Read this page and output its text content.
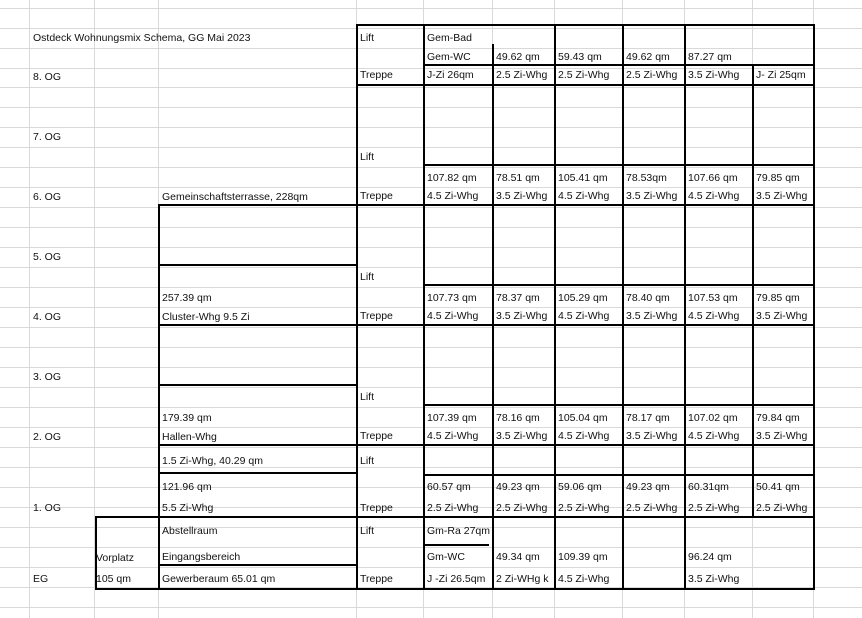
Ostdeck Wohnungsmix Schema, GG Mai 2023
8. OG
7. OG
6. OG
5. OG
4. OG
3. OG
2. OG
1. OG
EG
Lift
Treppe
Lift
Treppe
Lift
Treppe
Lift
Treppe
Lift
Treppe
Lift
Treppe
Gem-Bad
Gem-WC
J-Zi 26qm
49.62 qm
2.5 Zi-Whg
59.43 qm
2.5 Zi-Whg
49.62 qm
2.5 Zi-Whg
87.27 qm
3.5 Zi-Whg J- Zi 25qm
Gemeinschaftsterrasse, 228qm
107.82 qm
4.5 Zi-Whg
78.51 qm
3.5 Zi-Whg
105.41 qm
4.5 Zi-Whg
78.53qm
3.5 Zi-Whg
107.66 qm
4.5 Zi-Whg
79.85 qm
3.5 Zi-Whg
257.39 qm
Cluster-Whg 9.5 Zi
107.73 qm
4.5 Zi-Whg
78.37 qm
3.5 Zi-Whg
105.29 qm
4.5 Zi-Whg
78.40 qm
3.5 Zi-Whg
107.53 qm
4.5 Zi-Whg
79.85 qm
3.5 Zi-Whg
179.39 qm
Hallen-Whg
107.39 qm
4.5 Zi-Whg
78.16 qm
3.5 Zi-Whg
105.04 qm
4.5 Zi-Whg
78.17 qm
3.5 Zi-Whg
107.02 qm
4.5 Zi-Whg
79.84 qm
3.5 Zi-Whg
1.5 Zi-Whg, 40.29 qm
121.96 qm
5.5 Zi-Whg
60.57 qm
2.5 Zi-Whg
49.23 qm
2.5 Zi-Whg
59.06 qm
2.5 Zi-Whg
49.23 qm
2.5 Zi-Whg
60.31qm
2.5 Zi-Whg
50.41 qm
2.5 Zi-Whg
Vorplatz
105 qm
Abstellraum
Eingangsbereich
Gewerberaum 65.01 qm
Gm-Ra 27qm
Gm-WC
J -Zi 26.5qm
49.34 qm
2 Zi-WHg k
109.39 qm
4.5 Zi-Whg
96.24 qm
3.5 Zi-Whg
